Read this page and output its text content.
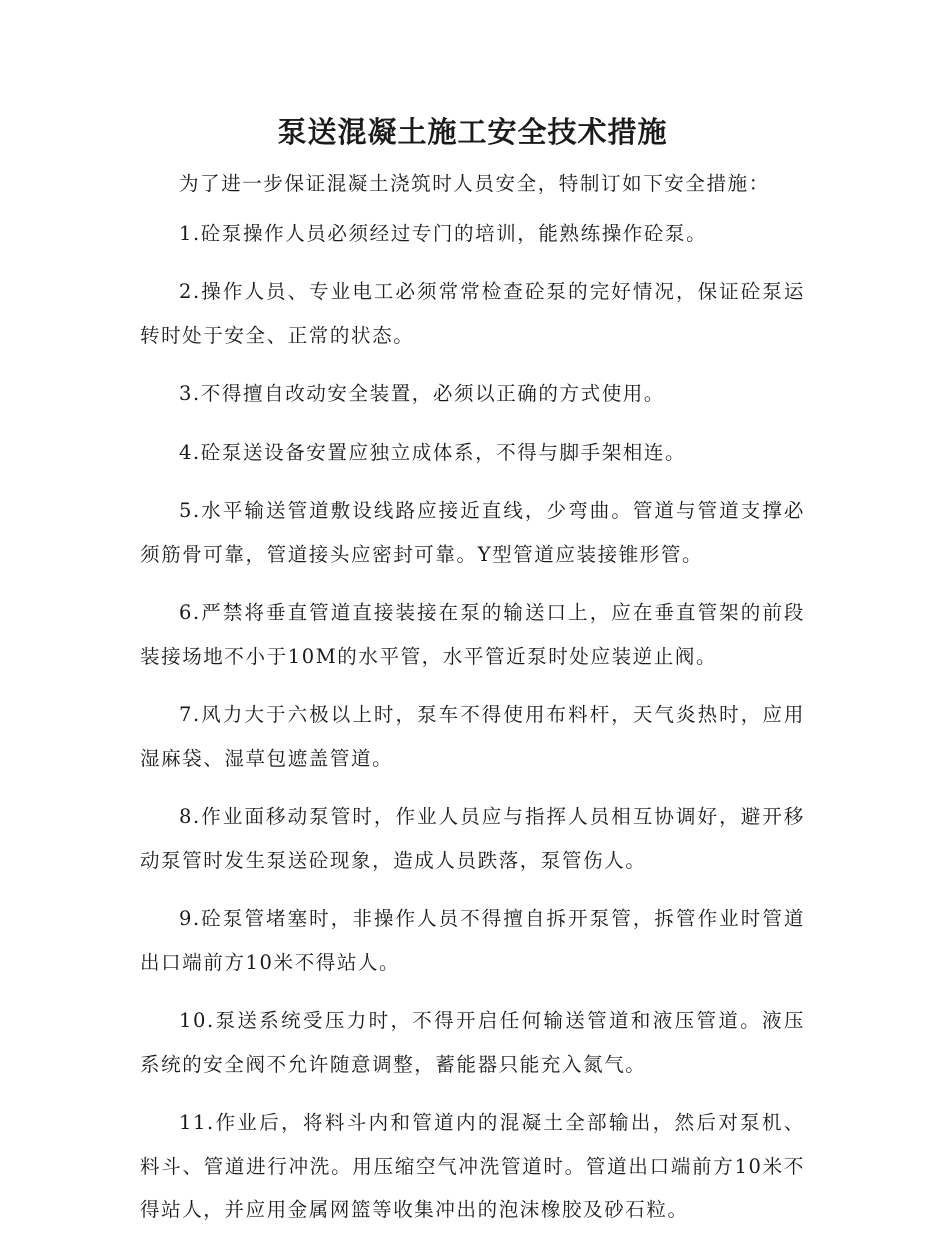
泵送混凝土施工安全技术措施

为了进一步保证混凝土浇筑时人员安全，特制订如下安全措施：

1.砼泵操作人员必须经过专门的培训，能熟练操作砼泵。

2.操作人员、专业电工必须常常检查砼泵的完好情况，保证砼泵运转时处于安全、正常的状态。

3.不得擅自改动安全装置，必须以正确的方式使用。

4.砼泵送设备安置应独立成体系，不得与脚手架相连。

5.水平输送管道敷设线路应接近直线，少弯曲。管道与管道支撑必须筋骨可靠，管道接头应密封可靠。Y型管道应装接锥形管。

6.严禁将垂直管道直接装接在泵的输送口上，应在垂直管架的前段装接场地不小于10M的水平管，水平管近泵时处应装逆止阀。

7.风力大于六极以上时，泵车不得使用布料杆，天气炎热时，应用湿麻袋、湿草包遮盖管道。

8.作业面移动泵管时，作业人员应与指挥人员相互协调好，避开移动泵管时发生泵送砼现象，造成人员跌落，泵管伤人。

9.砼泵管堵塞时，非操作人员不得擅自拆开泵管，拆管作业时管道出口端前方10米不得站人。

10.泵送系统受压力时，不得开启任何输送管道和液压管道。液压系统的安全阀不允许随意调整，蓄能器只能充入氮气。

11.作业后，将料斗内和管道内的混凝土全部输出，然后对泵机、料斗、管道进行冲洗。用压缩空气冲洗管道时。管道出口端前方10米不得站人，并应用金属网篮等收集冲出的泡沫橡胶及砂石粒。
